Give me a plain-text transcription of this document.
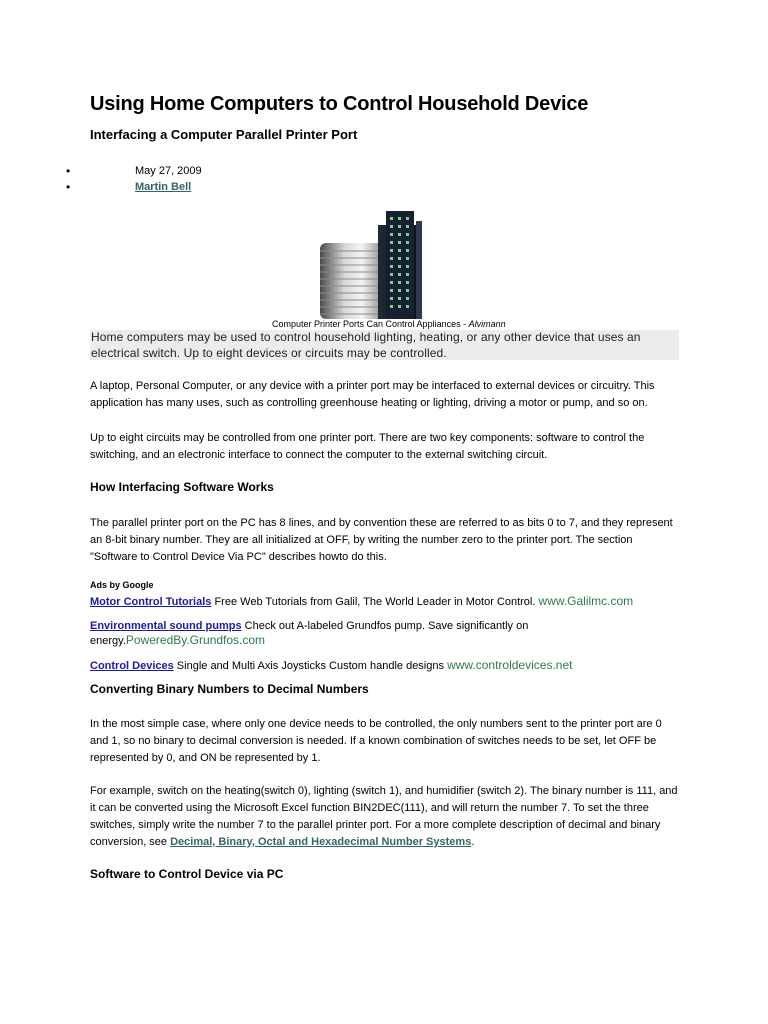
Using Home Computers to Control Household Device
Interfacing a Computer Parallel Printer Port
•	May 27, 2009
•	Martin Bell
Computer Printer Ports Can Control Appliances - Alvimann
Home computers may be used to control household lighting, heating, or any other device that uses an electrical switch. Up to eight devices or circuits may be controlled.
A laptop, Personal Computer, or any device with a printer port may be interfaced to external devices or circuitry. This application has many uses, such as controlling greenhouse heating or lighting, driving a motor or pump, and so on.
Up to eight circuits may be controlled from one printer port. There are two key components: software to control the switching, and an electronic interface to connect the computer to the external switching circuit.
How Interfacing Software Works
The parallel printer port on the PC has 8 lines, and by convention these are referred to as bits 0 to 7, and they represent an 8-bit binary number. They are all initialized at OFF, by writing the number zero to the printer port. The section "Software to Control Device Via PC" describes howto do this.
Ads by Google
Motor Control Tutorials Free Web Tutorials from Galil, The World Leader in Motor Control. www.Galilmc.com
Environmental sound pumps Check out A-labeled Grundfos pump. Save significantly on energy.PoweredBy.Grundfos.com
Control Devices Single and Multi Axis Joysticks Custom handle designs www.controldevices.net
Converting Binary Numbers to Decimal Numbers
In the most simple case, where only one device needs to be controlled, the only numbers sent to the printer port are 0 and 1, so no binary to decimal conversion is needed. If a known combination of switches needs to be set, let OFF be represented by 0, and ON be represented by 1.
For example, switch on the heating(switch 0), lighting (switch 1), and humidifier (switch 2). The binary number is 111, and it can be converted using the Microsoft Excel function BIN2DEC(111), and will return the number 7. To set the three switches, simply write the number 7 to the parallel printer port. For a more complete description of decimal and binary conversion, see Decimal, Binary, Octal and Hexadecimal Number Systems.
Software to Control Device via PC
